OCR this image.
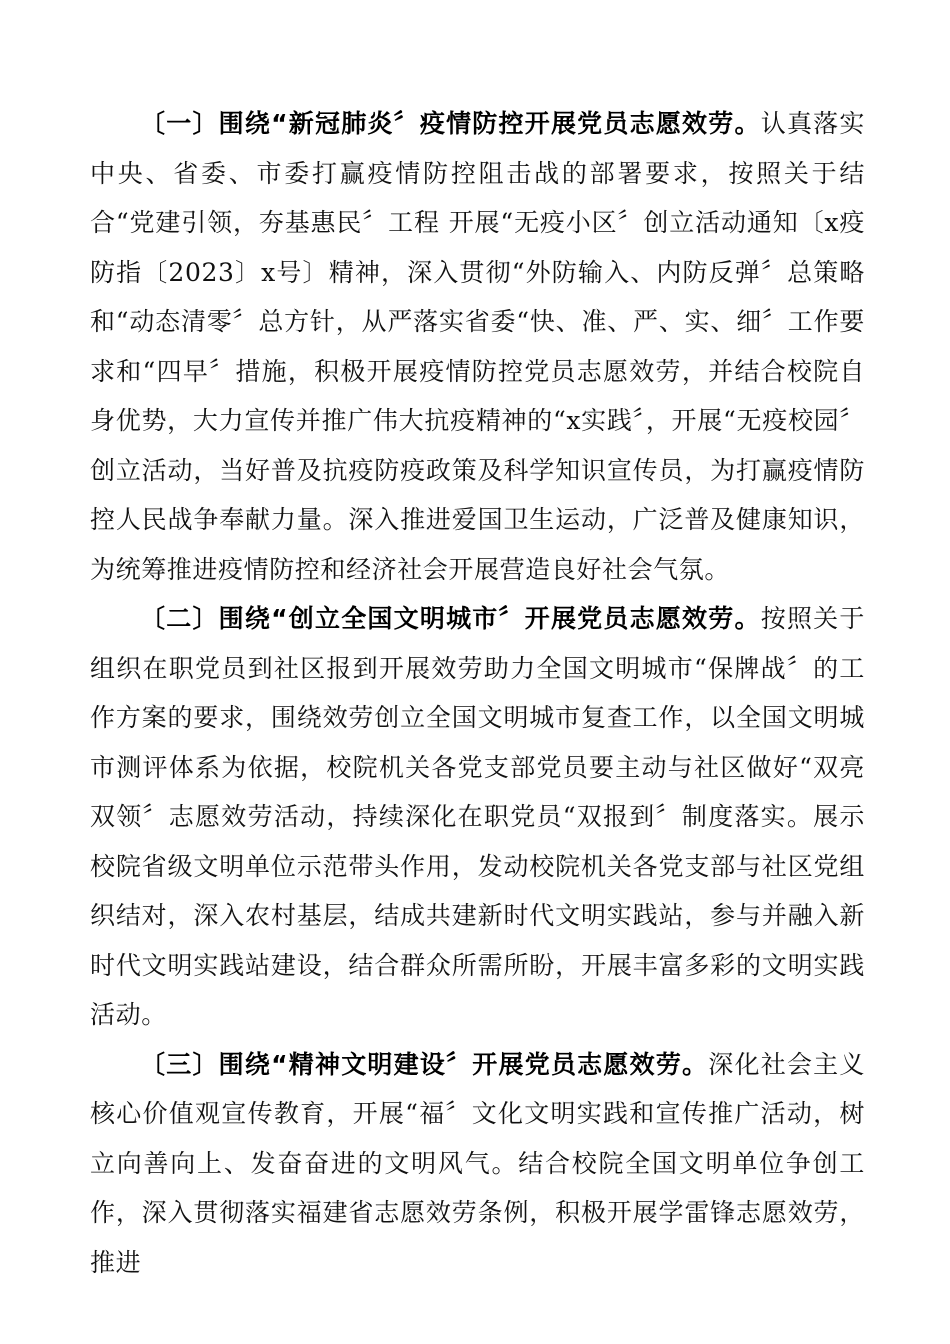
〔一〕围绕“新冠肺炎〞疫情防控开展党员志愿效劳。认真落实中央、省委、市委打赢疫情防控阻击战的部署要求，按照关于结合“党建引领，夯基惠民〞工程 开展“无疫小区〞创立活动通知〔x疫防指〔2023〕x号〕精神，深入贯彻“外防输入、内防反弹〞总策略和“动态清零〞总方针，从严落实省委“快、准、严、实、细〞工作要求和“四早〞措施，积极开展疫情防控党员志愿效劳，并结合校院自身优势，大力宣传并推广伟大抗疫精神的“x实践〞，开展“无疫校园〞创立活动，当好普及抗疫防疫政策及科学知识宣传员，为打赢疫情防控人民战争奉献力量。深入推进爱国卫生运动，广泛普及健康知识，为统筹推进疫情防控和经济社会开展营造良好社会气氛。

〔二〕围绕“创立全国文明城市〞开展党员志愿效劳。按照关于组织在职党员到社区报到开展效劳助力全国文明城市“保牌战〞的工作方案的要求，围绕效劳创立全国文明城市复查工作，以全国文明城市测评体系为依据，校院机关各党支部党员要主动与社区做好“双亮双领〞志愿效劳活动，持续深化在职党员“双报到〞制度落实。展示校院省级文明单位示范带头作用，发动校院机关各党支部与社区党组织结对，深入农村基层，结成共建新时代文明实践站，参与并融入新时代文明实践站建设，结合群众所需所盼，开展丰富多彩的文明实践活动。

〔三〕围绕“精神文明建设〞开展党员志愿效劳。深化社会主义核心价值观宣传教育，开展“福〞文化文明实践和宣传推广活动，树立向善向上、发奋奋进的文明风气。结合校院全国文明单位争创工作，深入贯彻落实福建省志愿效劳条例，积极开展学雷锋志愿效劳，推进
